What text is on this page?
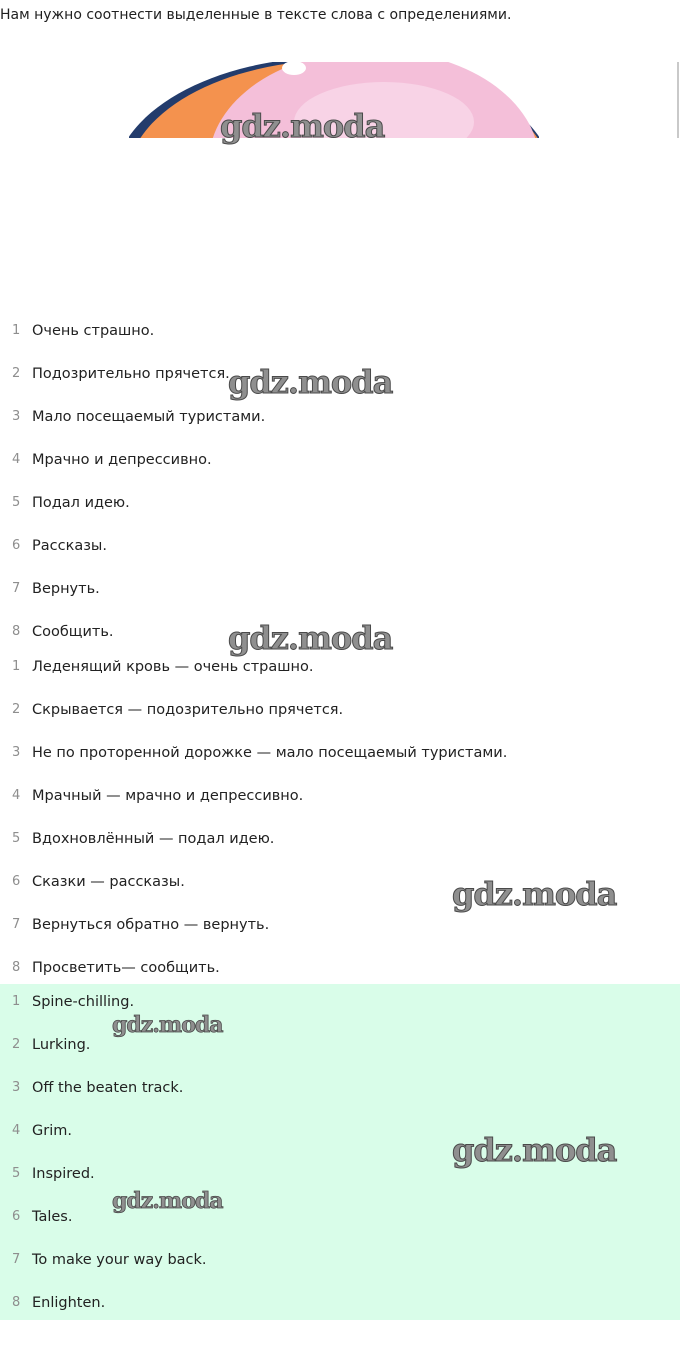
Нам нужно соотнести выделенные в тексте слова с определениями.
1 Очень страшно.
2 Подозрительно прячется.
3 Мало посещаемый туристами.
4 Мрачно и депрессивно.
5 Подал идею.
6 Рассказы.
7 Вернуть.
8 Сообщить.
1 Леденящий кровь — очень страшно.
2 Скрывается — подозрительно прячется.
3 Не по проторенной дорожке — мало посещаемый туристами.
4 Мрачный — мрачно и депрессивно.
5 Вдохновлённый — подал идею.
6 Сказки — рассказы.
7 Вернуться обратно — вернуть.
8 Просветить— сообщить.
1 Spine-chilling.
2 Lurking.
3 Off the beaten track.
4 Grim.
5 Inspired.
6 Tales.
7 To make your way back.
8 Enlighten.
gdz.moda
gdz.moda
gdz.moda
gdz.moda
gdz.moda
gdz.moda
gdz.moda
